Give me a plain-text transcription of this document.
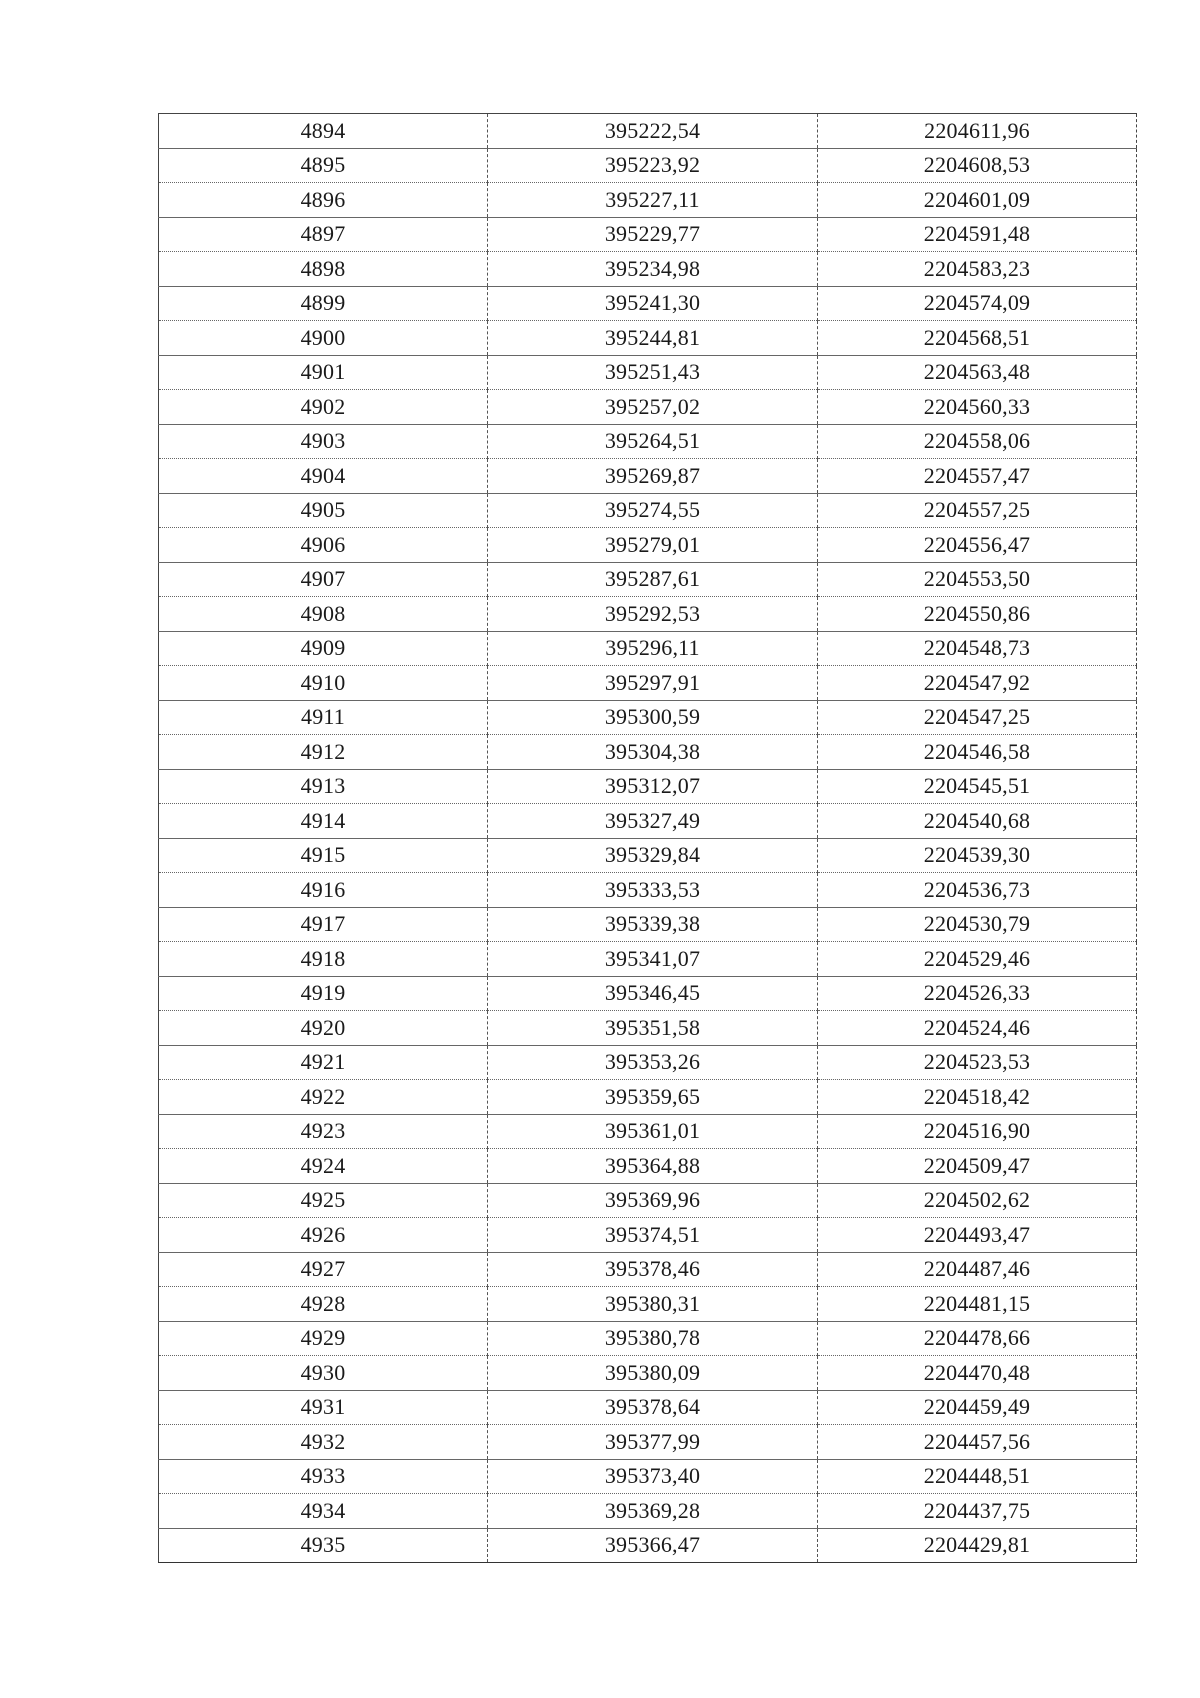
4894	395222,54	2204611,96
4895	395223,92	2204608,53
4896	395227,11	2204601,09
4897	395229,77	2204591,48
4898	395234,98	2204583,23
4899	395241,30	2204574,09
4900	395244,81	2204568,51
4901	395251,43	2204563,48
4902	395257,02	2204560,33
4903	395264,51	2204558,06
4904	395269,87	2204557,47
4905	395274,55	2204557,25
4906	395279,01	2204556,47
4907	395287,61	2204553,50
4908	395292,53	2204550,86
4909	395296,11	2204548,73
4910	395297,91	2204547,92
4911	395300,59	2204547,25
4912	395304,38	2204546,58
4913	395312,07	2204545,51
4914	395327,49	2204540,68
4915	395329,84	2204539,30
4916	395333,53	2204536,73
4917	395339,38	2204530,79
4918	395341,07	2204529,46
4919	395346,45	2204526,33
4920	395351,58	2204524,46
4921	395353,26	2204523,53
4922	395359,65	2204518,42
4923	395361,01	2204516,90
4924	395364,88	2204509,47
4925	395369,96	2204502,62
4926	395374,51	2204493,47
4927	395378,46	2204487,46
4928	395380,31	2204481,15
4929	395380,78	2204478,66
4930	395380,09	2204470,48
4931	395378,64	2204459,49
4932	395377,99	2204457,56
4933	395373,40	2204448,51
4934	395369,28	2204437,75
4935	395366,47	2204429,81
